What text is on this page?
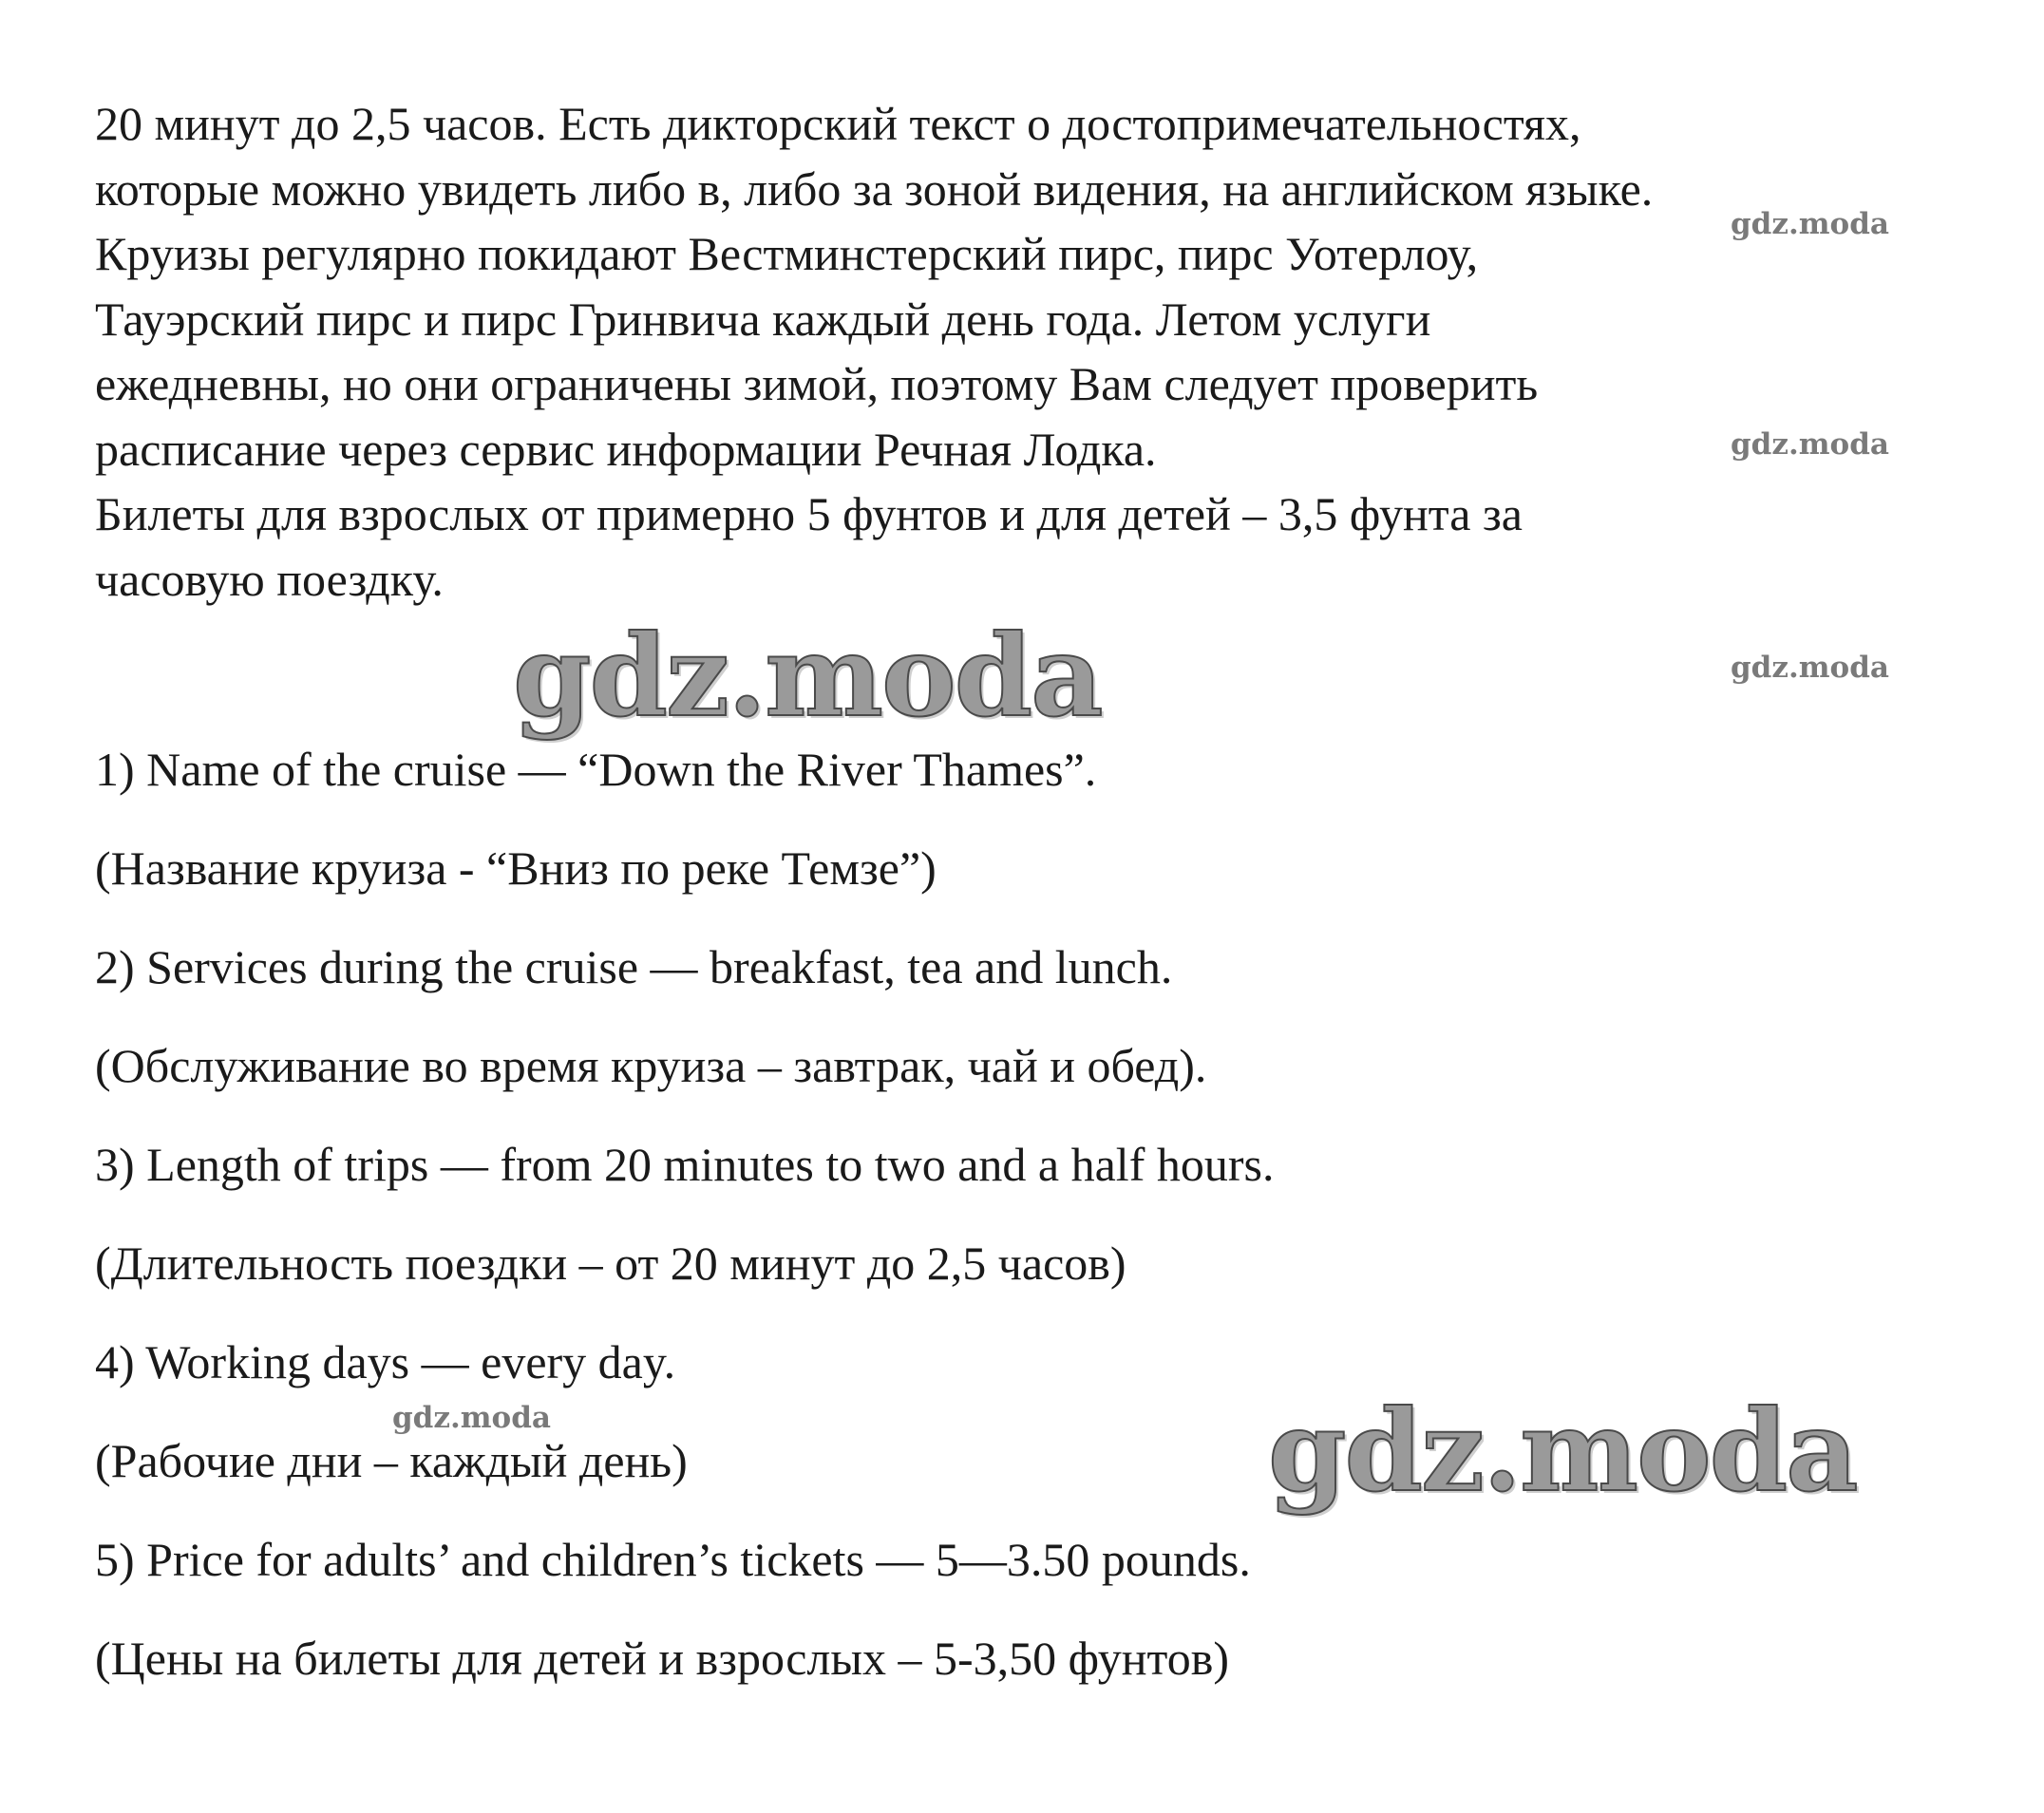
20 минут до 2,5 часов. Есть дикторский текст о достопримечательностях,
которые можно увидеть либо в, либо за зоной видения, на английском языке.
Круизы регулярно покидают Вестминстерский пирс, пирс Уотерлоу,
Тауэрский пирс и пирс Гринвича каждый день года. Летом услуги
ежедневны, но они ограничены зимой, поэтому Вам следует проверить
расписание через сервис информации Речная Лодка.
Билеты для взрослых от примерно 5 фунтов и для детей – 3,5 фунта за
часовую поездку.
1) Name of the cruise — “Down the River Thames”.
(Название круиза - “Вниз по реке Темзе”)
2) Services during the cruise — breakfast, tea and lunch.
(Обслуживание во время круиза – завтрак, чай и обед).
3) Length of trips — from 20 minutes to two and a half hours.
(Длительность поездки – от 20 минут до 2,5 часов)
4) Working days — every day.
(Рабочие дни – каждый день)
5) Price for adults’ and children’s tickets — 5—3.50 pounds.
(Цены на билеты для детей и взрослых – 5-3,50 фунтов)
gdz.moda
gdz.moda
gdz.moda
gdz.moda
gdz.moda
gdz.moda
